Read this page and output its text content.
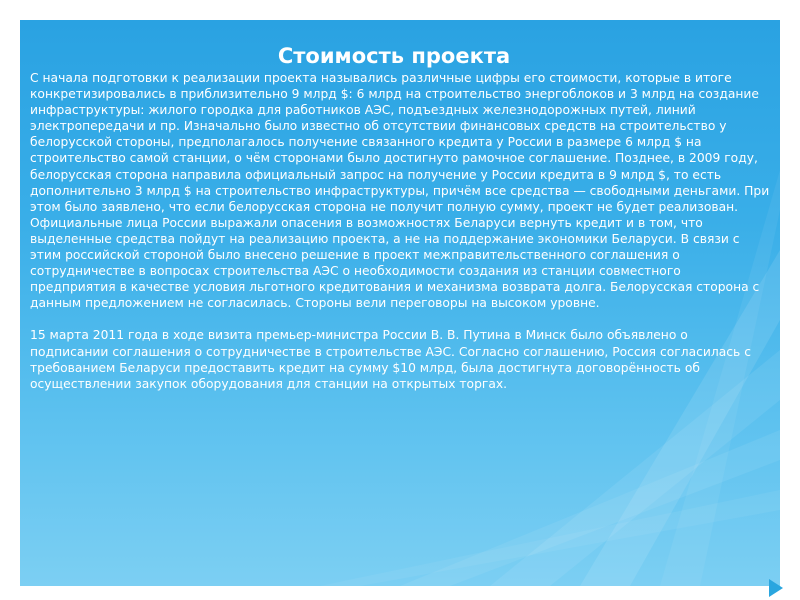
Стоимость проекта

С начала подготовки к реализации проекта назывались различные цифры его стоимости, которые в итоге конкретизировались в приблизительно 9 млрд $: 6 млрд на строительство энергоблоков и 3 млрд на создание инфраструктуры: жилого городка для работников АЭС, подъездных железнодорожных путей, линий электропередачи и пр. Изначально было известно об отсутствии финансовых средств на строительство у белорусской стороны, предполагалось получение связанного кредита у России в размере 6 млрд $ на строительство самой станции, о чём сторонами было достигнуто рамочное соглашение. Позднее, в 2009 году, белорусская сторона направила официальный запрос на получение у России кредита в 9 млрд $, то есть дополнительно 3 млрд $ на строительство инфраструктуры, причём все средства — свободными деньгами. При этом было заявлено, что если белорусская сторона не получит полную сумму, проект не будет реализован. Официальные лица России выражали опасения в возможностях Беларуси вернуть кредит и в том, что выделенные средства пойдут на реализацию проекта, а не на поддержание экономики Беларуси. В связи с этим российской стороной было внесено решение в проект межправительственного соглашения о сотрудничестве в вопросах строительства АЭС о необходимости создания из станции совместного предприятия в качестве условия льготного кредитования и механизма возврата долга. Белорусская сторона с данным предложением не согласилась. Стороны вели переговоры на высоком уровне.

15 марта 2011 года в ходе визита премьер-министра России В. В. Путина в Минск было объявлено о подписании соглашения о сотрудничестве в строительстве АЭС. Согласно соглашению, Россия согласилась с требованием Беларуси предоставить кредит на сумму $10 млрд, была достигнута договорённость об осуществлении закупок оборудования для станции на открытых торгах.
